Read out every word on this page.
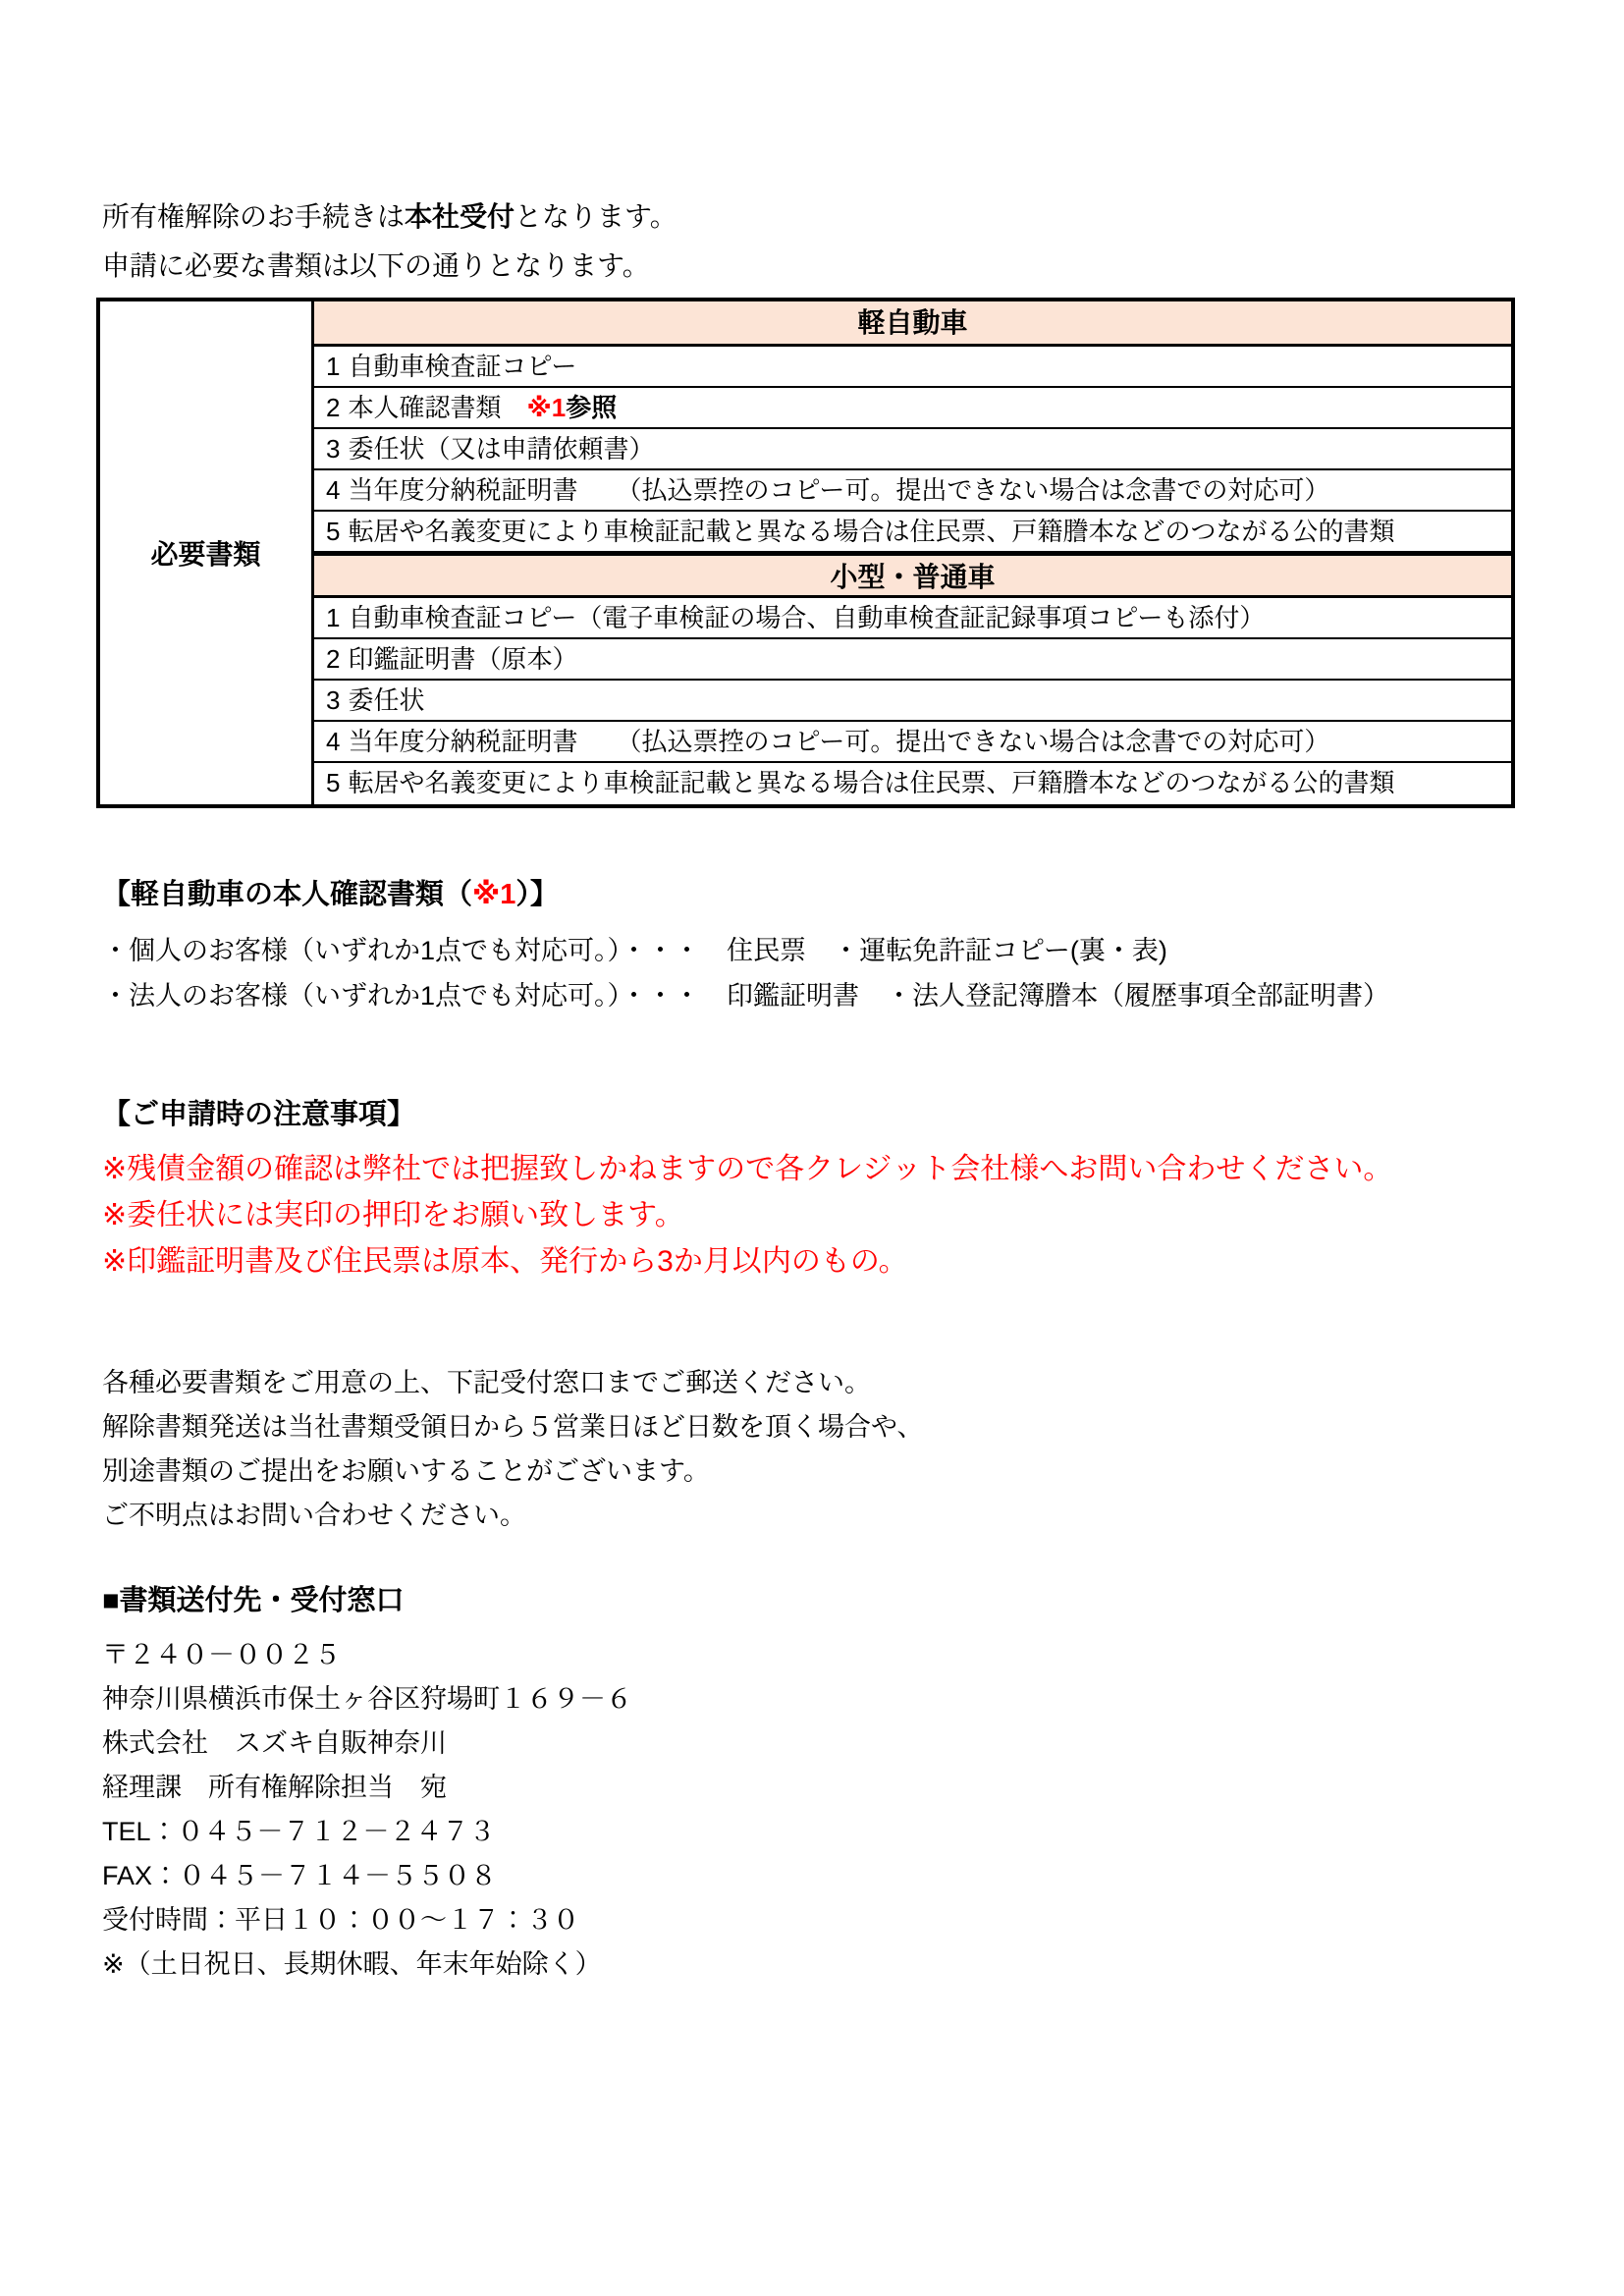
所有権解除のお手続きは本社受付となります。
申請に必要な書類は以下の通りとなります。
必要書類
軽自動車
1 自動車検査証コピー
2 本人確認書類 ※1参照
3 委任状（又は申請依頼書）
4 当年度分納税証明書　　（払込票控のコピー可。提出できない場合は念書での対応可）
5 転居や名義変更により車検証記載と異なる場合は住民票、戸籍謄本などのつながる公的書類
小型・普通車
1 自動車検査証コピー（電子車検証の場合、自動車検査証記録事項コピーも添付）
2 印鑑証明書（原本）
3 委任状
4 当年度分納税証明書　　（払込票控のコピー可。提出できない場合は念書での対応可）
5 転居や名義変更により車検証記載と異なる場合は住民票、戸籍謄本などのつながる公的書類
【軽自動車の本人確認書類（※1）】
・個人のお客様（いずれか1点でも対応可。）・・・　住民票　・運転免許証コピー(裏・表)
・法人のお客様（いずれか1点でも対応可。）・・・　印鑑証明書　・法人登記簿謄本（履歴事項全部証明書）
【ご申請時の注意事項】
※残債金額の確認は弊社では把握致しかねますので各クレジット会社様へお問い合わせください。
※委任状には実印の押印をお願い致します。
※印鑑証明書及び住民票は原本、発行から3か月以内のもの。
各種必要書類をご用意の上、下記受付窓口までご郵送ください。
解除書類発送は当社書類受領日から５営業日ほど日数を頂く場合や、
別途書類のご提出をお願いすることがございます。
ご不明点はお問い合わせください。
■書類送付先・受付窓口
〒２４０－００２５
神奈川県横浜市保土ヶ谷区狩場町１６９－６
株式会社　スズキ自販神奈川
経理課　所有権解除担当　宛
TEL：０４５－７１２－２４７３
FAX：０４５－７１４－５５０８
受付時間：平日１０：００～１７：３０
※（土日祝日、長期休暇、年末年始除く）
